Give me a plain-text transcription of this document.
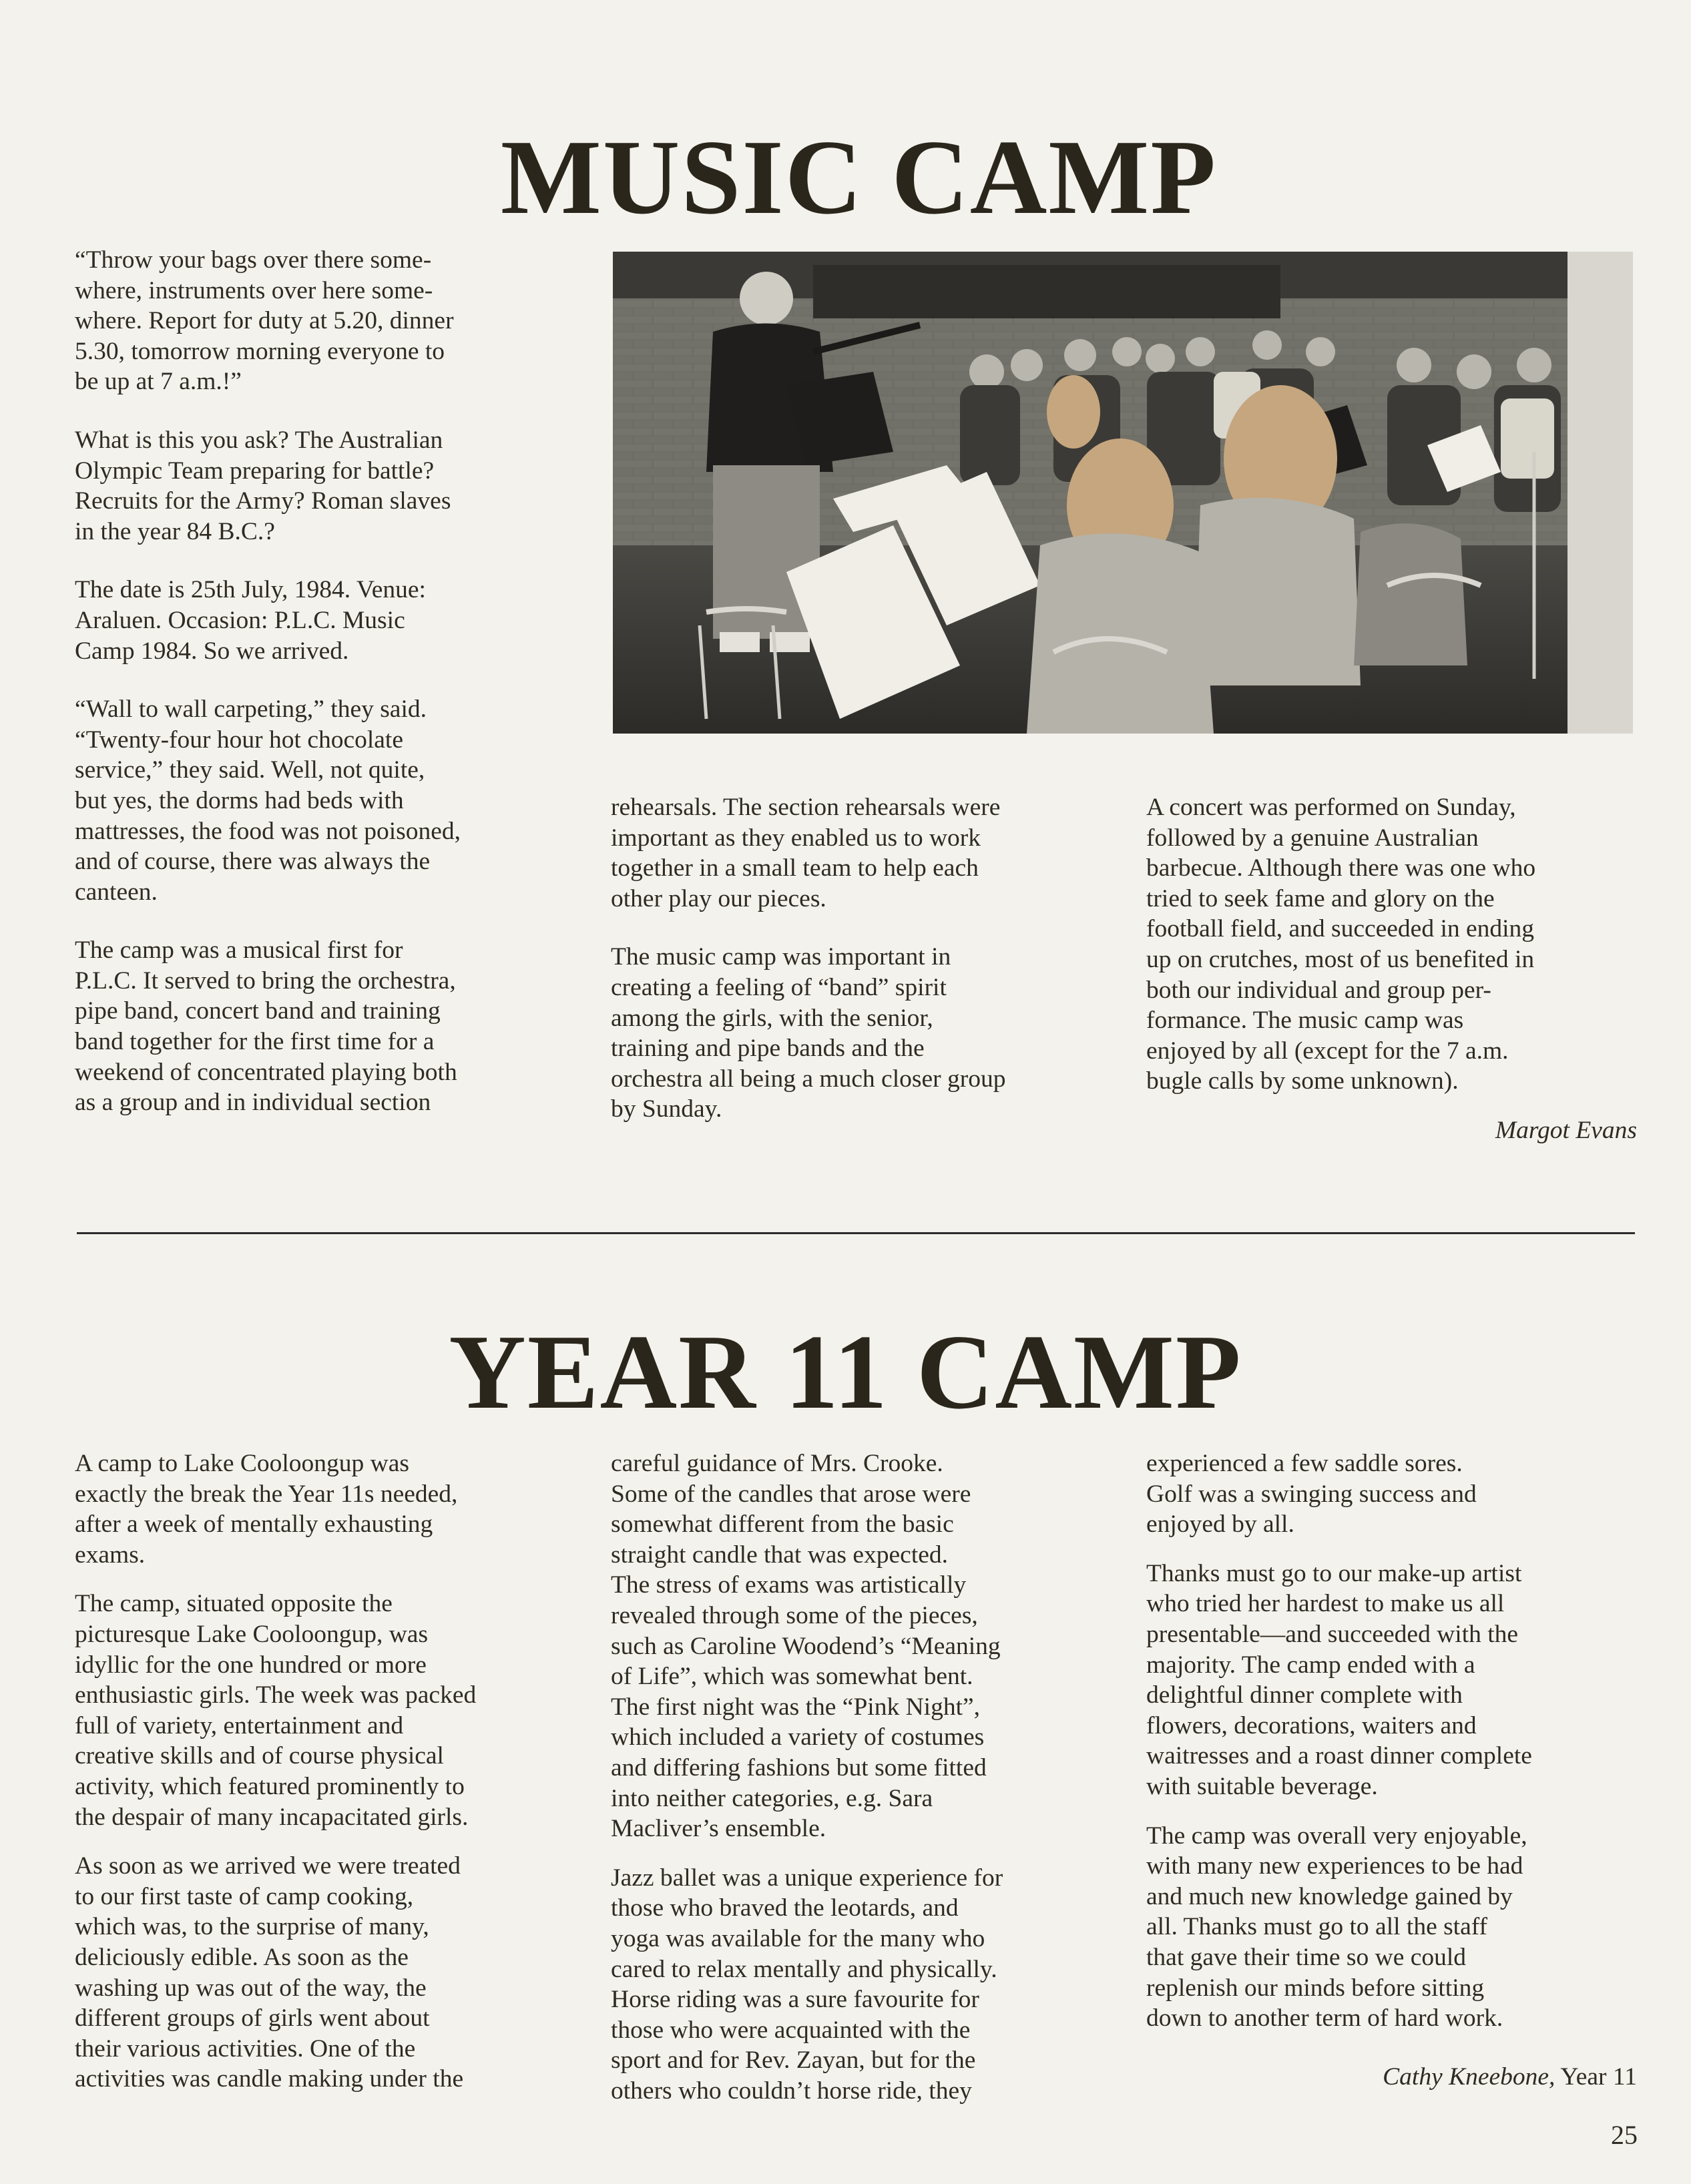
MUSIC CAMP

“Throw your bags over there some-
where, instruments over here some-
where. Report for duty at 5.20, dinner
5.30, tomorrow morning everyone to
be up at 7 a.m.!”

What is this you ask? The Australian
Olympic Team preparing for battle?
Recruits for the Army? Roman slaves
in the year 84 B.C.?

The date is 25th July, 1984. Venue:
Araluen. Occasion: P.L.C. Music
Camp 1984. So we arrived.

“Wall to wall carpeting,” they said.
“Twenty-four hour hot chocolate
service,” they said. Well, not quite,
but yes, the dorms had beds with
mattresses, the food was not poisoned,
and of course, there was always the
canteen.

The camp was a musical first for
P.L.C. It served to bring the orchestra,
pipe band, concert band and training
band together for the first time for a
weekend of concentrated playing both
as a group and in individual section

rehearsals. The section rehearsals were
important as they enabled us to work
together in a small team to help each
other play our pieces.

The music camp was important in
creating a feeling of “band” spirit
among the girls, with the senior,
training and pipe bands and the
orchestra all being a much closer group
by Sunday.

A concert was performed on Sunday,
followed by a genuine Australian
barbecue. Although there was one who
tried to seek fame and glory on the
football field, and succeeded in ending
up on crutches, most of us benefited in
both our individual and group per-
formance. The music camp was
enjoyed by all (except for the 7 a.m.
bugle calls by some unknown).

Margot Evans

YEAR 11 CAMP

A camp to Lake Cooloongup was
exactly the break the Year 11s needed,
after a week of mentally exhausting
exams.

The camp, situated opposite the
picturesque Lake Cooloongup, was
idyllic for the one hundred or more
enthusiastic girls. The week was packed
full of variety, entertainment and
creative skills and of course physical
activity, which featured prominently to
the despair of many incapacitated girls.

As soon as we arrived we were treated
to our first taste of camp cooking,
which was, to the surprise of many,
deliciously edible. As soon as the
washing up was out of the way, the
different groups of girls went about
their various activities. One of the
activities was candle making under the

careful guidance of Mrs. Crooke.
Some of the candles that arose were
somewhat different from the basic
straight candle that was expected.
The stress of exams was artistically
revealed through some of the pieces,
such as Caroline Woodend’s “Meaning
of Life”, which was somewhat bent.
The first night was the “Pink Night”,
which included a variety of costumes
and differing fashions but some fitted
into neither categories, e.g. Sara
Macliver’s ensemble.

Jazz ballet was a unique experience for
those who braved the leotards, and
yoga was available for the many who
cared to relax mentally and physically.
Horse riding was a sure favourite for
those who were acquainted with the
sport and for Rev. Zayan, but for the
others who couldn’t horse ride, they

experienced a few saddle sores.
Golf was a swinging success and
enjoyed by all.

Thanks must go to our make-up artist
who tried her hardest to make us all
presentable—and succeeded with the
majority. The camp ended with a
delightful dinner complete with
flowers, decorations, waiters and
waitresses and a roast dinner complete
with suitable beverage.

The camp was overall very enjoyable,
with many new experiences to be had
and much new knowledge gained by
all. Thanks must go to all the staff
that gave their time so we could
replenish our minds before sitting
down to another term of hard work.

Cathy Kneebone, Year 11

25
